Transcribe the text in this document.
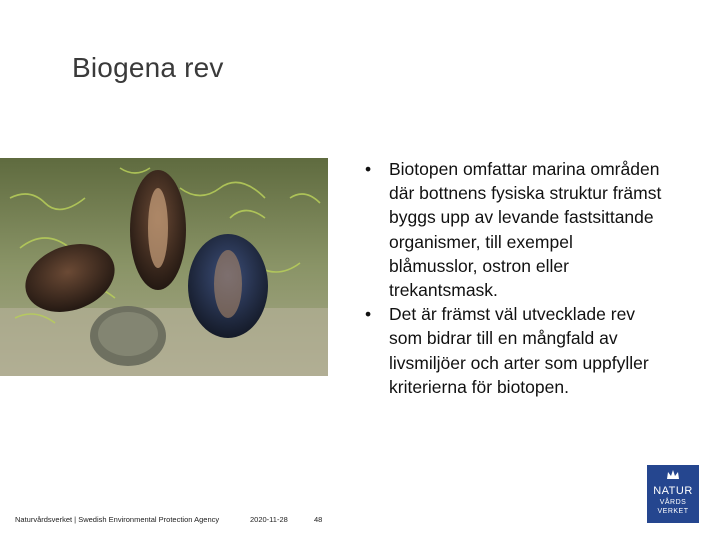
Biogena rev
• Biotopen omfattar marina områden där bottnens fysiska struktur främst byggs upp av levande fastsittande organismer, till exempel blåmusslor, ostron eller trekantsmask.
• Det är främst väl utvecklade rev som bidrar till en mångfald av livsmiljöer och arter som uppfyller kriterierna för biotopen.
Naturvårdsverket | Swedish Environmental Protection Agency	2020-11-28	48
NATUR
VÅRDS
VERKET
